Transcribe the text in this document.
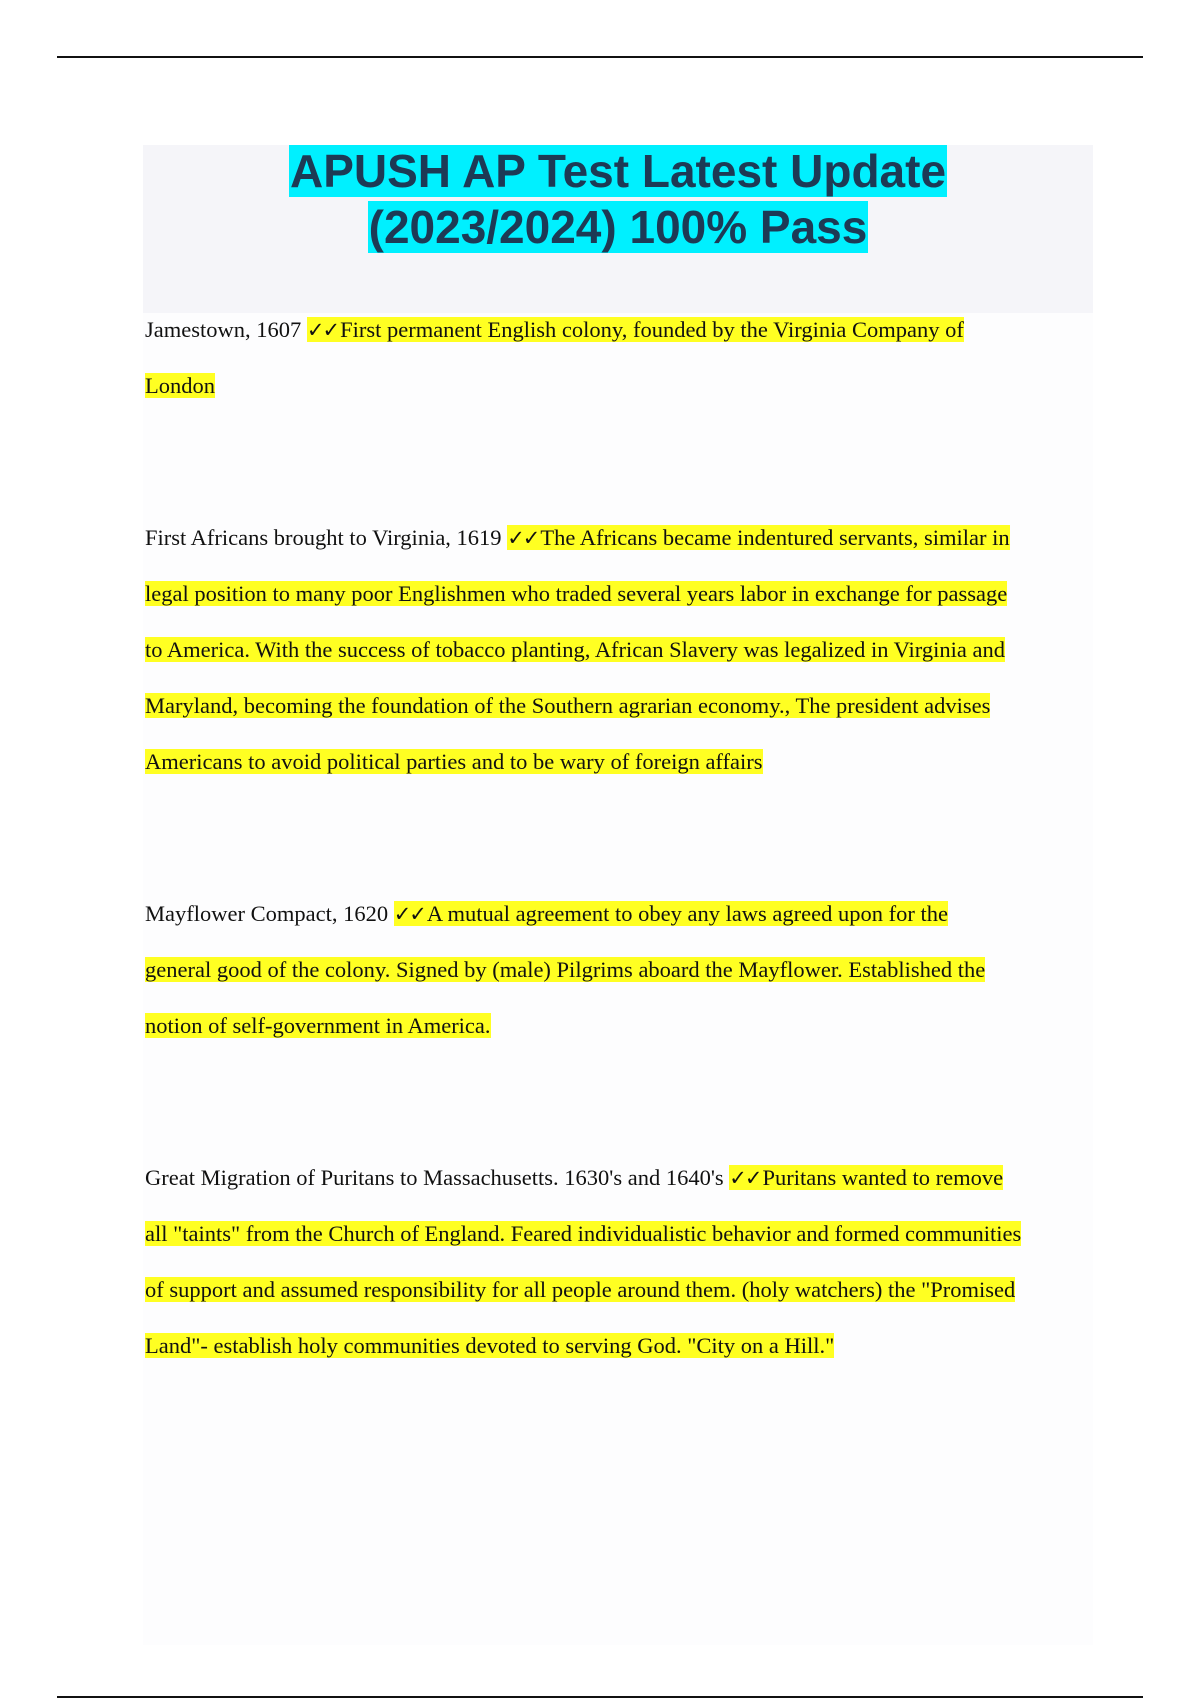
APUSH AP Test Latest Update
(2023/2024) 100% Pass
Jamestown, 1607 ✓✓First permanent English colony, founded by the Virginia Company of
London
First Africans brought to Virginia, 1619 ✓✓The Africans became indentured servants, similar in
legal position to many poor Englishmen who traded several years labor in exchange for passage
to America. With the success of tobacco planting, African Slavery was legalized in Virginia and
Maryland, becoming the foundation of the Southern agrarian economy., The president advises
Americans to avoid political parties and to be wary of foreign affairs
Mayflower Compact, 1620 ✓✓A mutual agreement to obey any laws agreed upon for the
general good of the colony. Signed by (male) Pilgrims aboard the Mayflower. Established the
notion of self-government in America.
Great Migration of Puritans to Massachusetts. 1630's and 1640's ✓✓Puritans wanted to remove
all "taints" from the Church of England. Feared individualistic behavior and formed communities
of support and assumed responsibility for all people around them. (holy watchers) the "Promised
Land"- establish holy communities devoted to serving God. "City on a Hill."
